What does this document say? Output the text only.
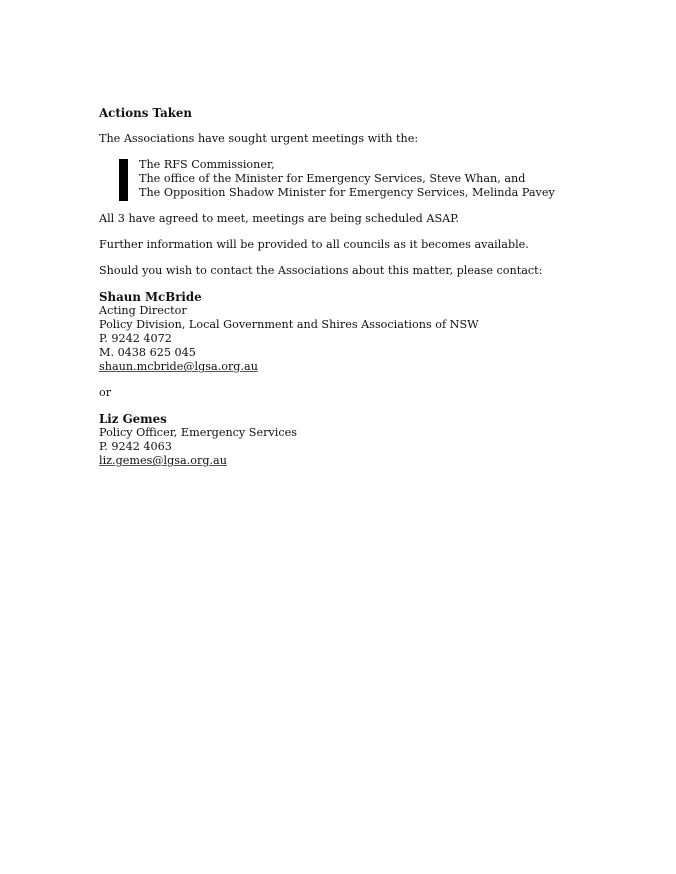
Actions Taken
The Associations have sought urgent meetings with the:
The RFS Commissioner,
The office of the Minister for Emergency Services, Steve Whan, and
The Opposition Shadow Minister for Emergency Services, Melinda Pavey
All 3 have agreed to meet, meetings are being scheduled ASAP.
Further information will be provided to all councils as it becomes available.
Should you wish to contact the Associations about this matter, please contact:
Shaun McBride
Acting Director
Policy Division, Local Government and Shires Associations of NSW
P. 9242 4072
M. 0438 625 045
shaun.mcbride@lgsa.org.au
or
Liz Gemes
Policy Officer, Emergency Services
P. 9242 4063
liz.gemes@lgsa.org.au
